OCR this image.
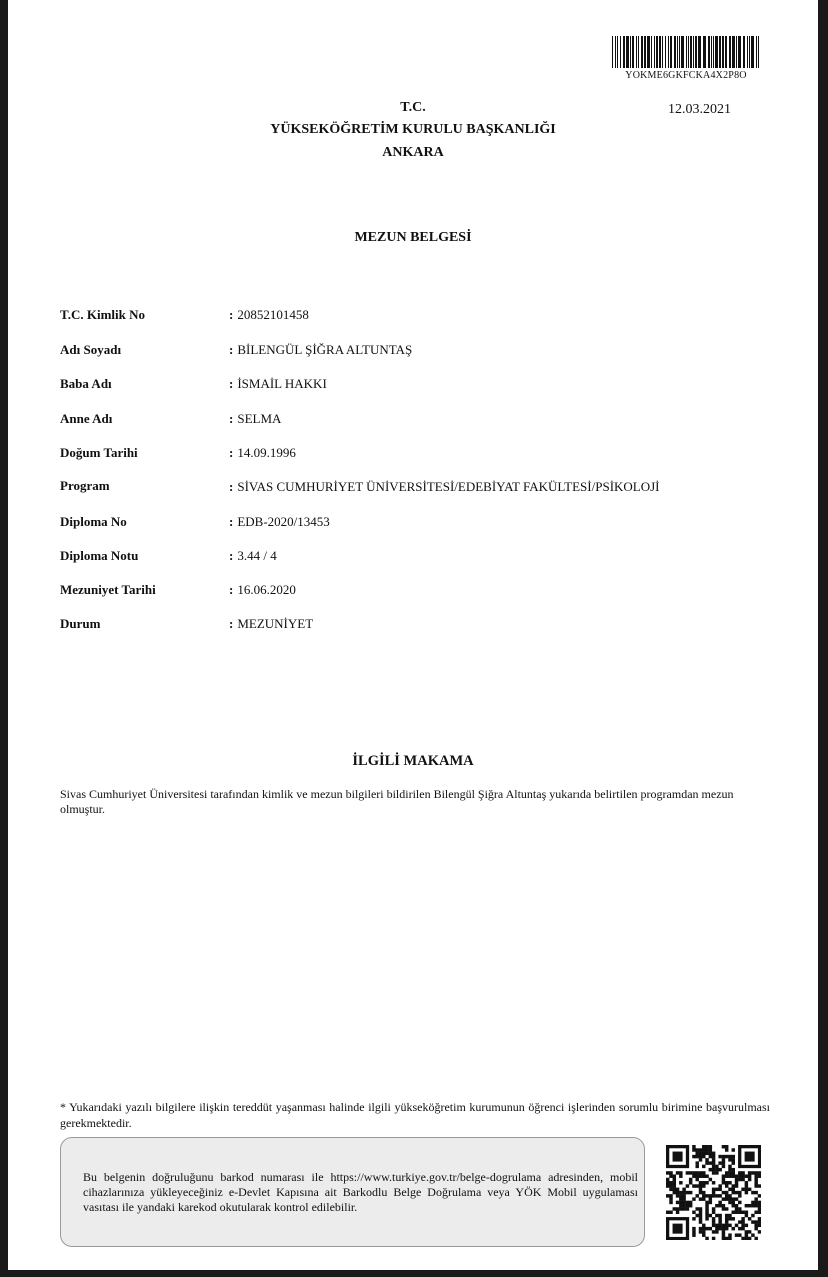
YOKME6GKFCKA4X2P8O
12.03.2021
T.C.
YÜKSEKÖĞRETİM KURULU BAŞKANLIĞI
ANKARA
MEZUN BELGESİ
T.C. Kimlik No	: 20852101458
Adı Soyadı	: BİLENGÜL ŞİĞRA ALTUNTAŞ
Baba Adı	: İSMAİL HAKKI
Anne Adı	: SELMA
Doğum Tarihi	: 14.09.1996
Program	: SİVAS CUMHURİYET ÜNİVERSİTESİ/EDEBİYAT FAKÜLTESİ/PSİKOLOJİ
Diploma No	: EDB-2020/13453
Diploma Notu	: 3.44 / 4
Mezuniyet Tarihi	: 16.06.2020
Durum	: MEZUNİYET
İLGİLİ MAKAMA
Sivas Cumhuriyet Üniversitesi tarafından kimlik ve mezun bilgileri bildirilen Bilengül Şiğra Altuntaş yukarıda belirtilen programdan mezun olmuştur.
* Yukarıdaki yazılı bilgilere ilişkin tereddüt yaşanması halinde ilgili yükseköğretim kurumunun öğrenci işlerinden sorumlu birimine başvurulması gerekmektedir.
Bu belgenin doğruluğunu barkod numarası ile https://www.turkiye.gov.tr/belge-dogrulama adresinden, mobil cihazlarınıza yükleyeceğiniz e-Devlet Kapısına ait Barkodlu Belge Doğrulama veya YÖK Mobil uygulaması vasıtası ile yandaki karekod okutularak kontrol edilebilir.
